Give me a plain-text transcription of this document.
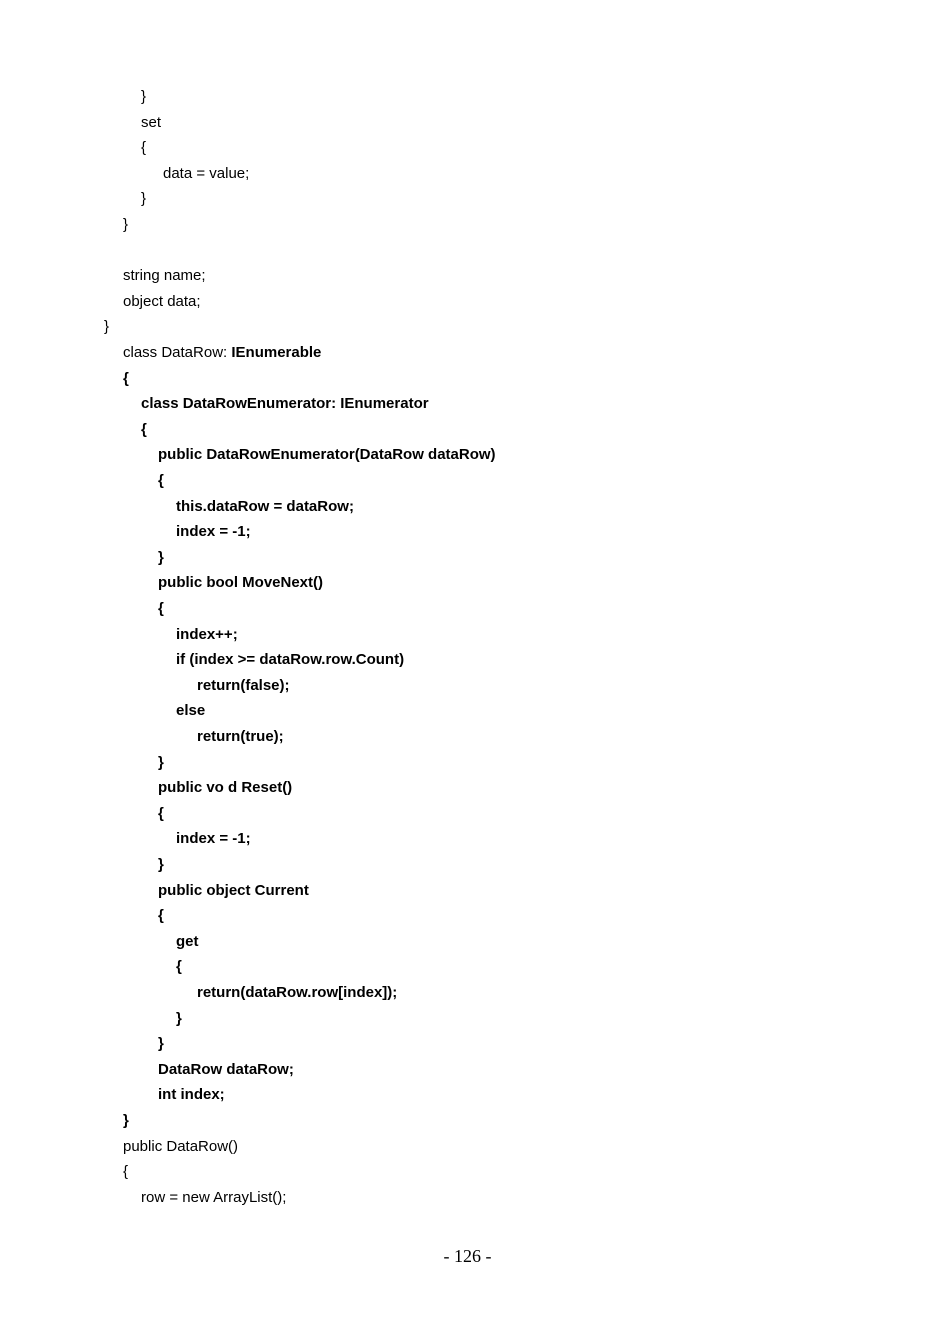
}
set
{
data = value;
}
}
string name;
object data;
}
class DataRow: IEnumerable
{
class DataRowEnumerator: IEnumerator
{
public DataRowEnumerator(DataRow dataRow)
{
this.dataRow = dataRow;
index = -1;
}
public bool MoveNext()
{
index++;
if (index >= dataRow.row.Count)
return(false);
else
return(true);
}
public vo d Reset()
{
index = -1;
}
public object Current
{
get
{
return(dataRow.row[index]);
}
}
DataRow dataRow;
int index;
}
public DataRow()
{
row = new ArrayList();
- 126 -
